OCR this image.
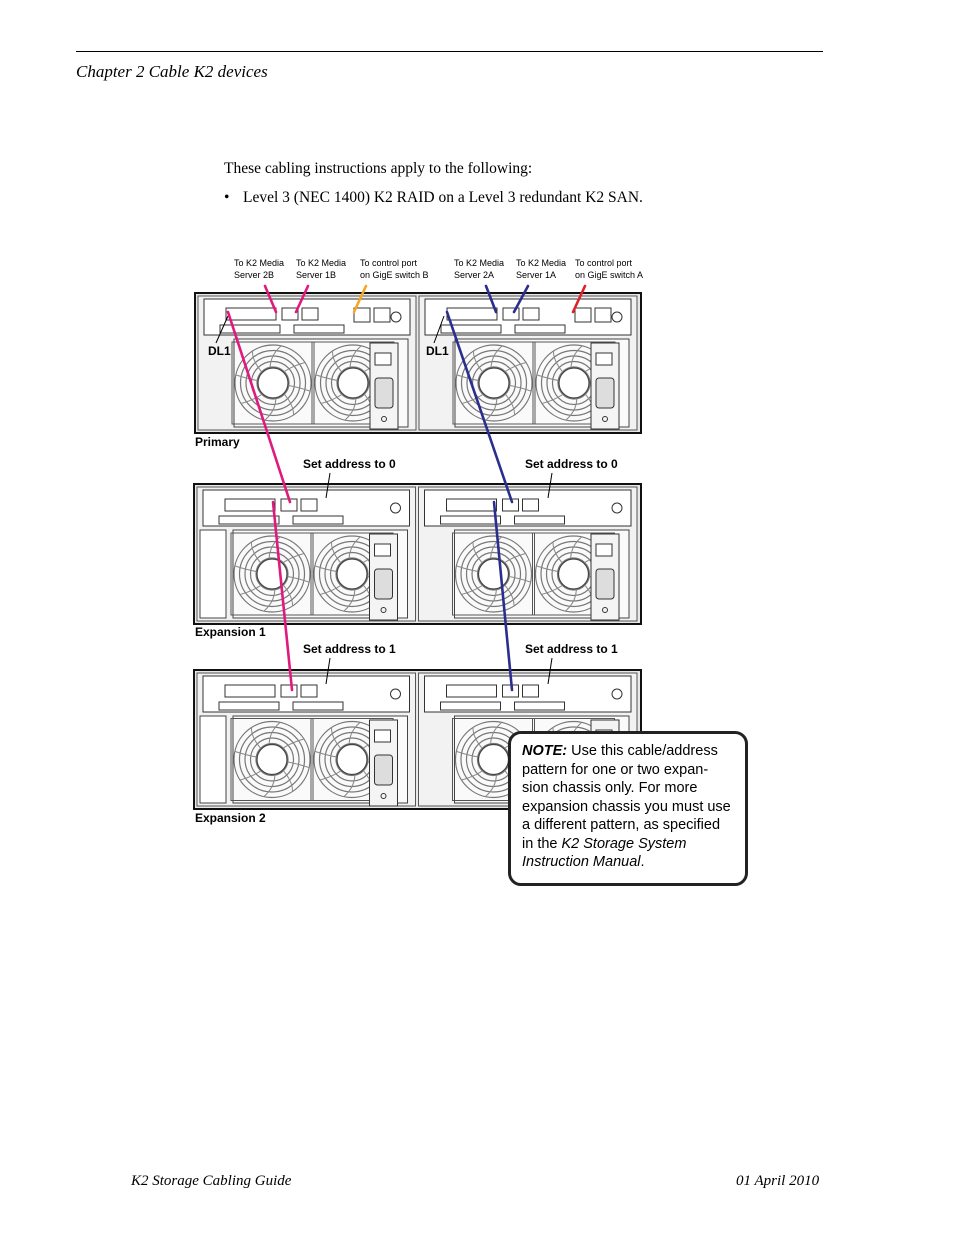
Chapter 2 Cable K2 devices
These cabling instructions apply to the following:
• Level 3 (NEC 1400) K2 RAID on a Level 3 redundant K2 SAN.
To K2 Media
Server 2B
To K2 Media
Server 1B
To control port
on GigE switch B
To K2 Media
Server 2A
To K2 Media
Server 1A
To control port
on GigE switch A
DL1	DL1
Primary
Expansion 1
Expansion 2
Set address to 0	Set address to 0
Set address to 1	Set address to 1
NOTE: Use this cable/address pattern for one or two expan-sion chassis only. For more expansion chassis you must use a different pattern, as specified in the K2 Storage System Instruction Manual.
K2 Storage Cabling Guide	01 April 2010
